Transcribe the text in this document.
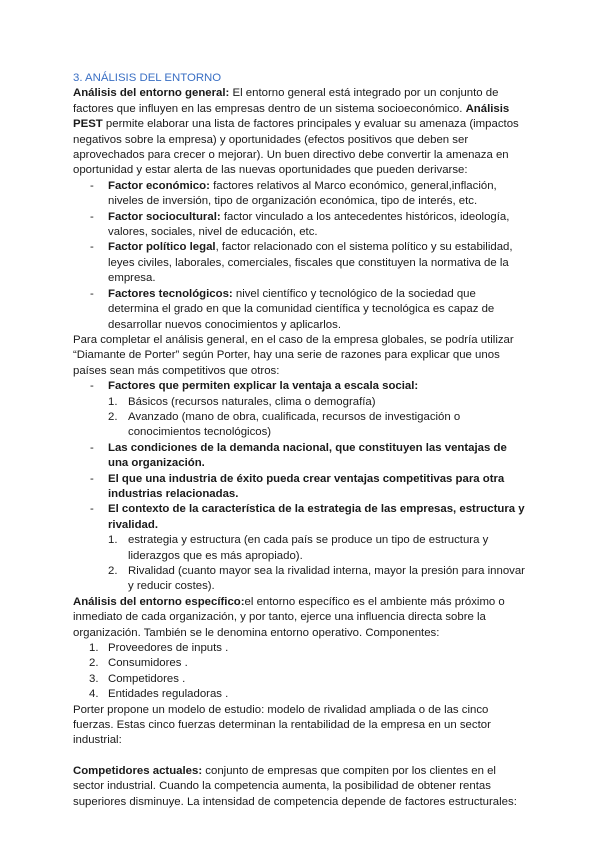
3. ANÁLISIS DEL ENTORNO

Análisis del entorno general: El entorno general está integrado por un conjunto de factores que influyen en las empresas dentro de un sistema socioeconómico. Análisis PEST permite elaborar una lista de factores principales y evaluar su amenaza (impactos negativos sobre la empresa) y oportunidades (efectos positivos que deben ser aprovechados para crecer o mejorar). Un buen directivo debe convertir la amenaza en oportunidad y estar alerta de las nuevas oportunidades que pueden derivarse:

- Factor económico: factores relativos al Marco económico, general,inflación, niveles de inversión, tipo de organización económica, tipo de interés, etc.
- Factor sociocultural: factor vinculado a los antecedentes históricos, ideología, valores, sociales, nivel de educación, etc.
- Factor político legal, factor relacionado con el sistema político y su estabilidad, leyes civiles, laborales, comerciales, fiscales que constituyen la normativa de la empresa.
- Factores tecnológicos: nivel científico y tecnológico de la sociedad que determina el grado en que la comunidad científica y tecnológica es capaz de desarrollar nuevos conocimientos y aplicarlos.

Para completar el análisis general, en el caso de la empresa globales, se podría utilizar “Diamante de Porter” según Porter, hay una serie de razones para explicar que unos países sean más competitivos que otros:

- Factores que permiten explicar la ventaja a escala social:
1. Básicos (recursos naturales, clima o demografía)
2. Avanzado (mano de obra, cualificada, recursos de investigación o conocimientos tecnológicos)
- Las condiciones de la demanda nacional, que constituyen las ventajas de una organización.
- El que una industria de éxito pueda crear ventajas competitivas para otra industrias relacionadas.
- El contexto de la característica de la estrategia de las empresas, estructura y rivalidad.
1. estrategia y estructura (en cada país se produce un tipo de estructura y liderazgos que es más apropiado).
2. Rivalidad (cuanto mayor sea la rivalidad interna, mayor la presión para innovar y reducir costes).

Análisis del entorno específico:el entorno específico es el ambiente más próximo o inmediato de cada organización, y por tanto, ejerce una influencia directa sobre la organización. También se le denomina entorno operativo. Componentes:

1. Proveedores de inputs .
2. Consumidores .
3. Competidores .
4. Entidades reguladoras .

Porter propone un modelo de estudio: modelo de rivalidad ampliada o de las cinco fuerzas. Estas cinco fuerzas determinan la rentabilidad de la empresa en un sector industrial:

Competidores actuales: conjunto de empresas que compiten por los clientes en el sector industrial. Cuando la competencia aumenta, la posibilidad de obtener rentas superiores disminuye. La intensidad de competencia depende de factores estructurales:
